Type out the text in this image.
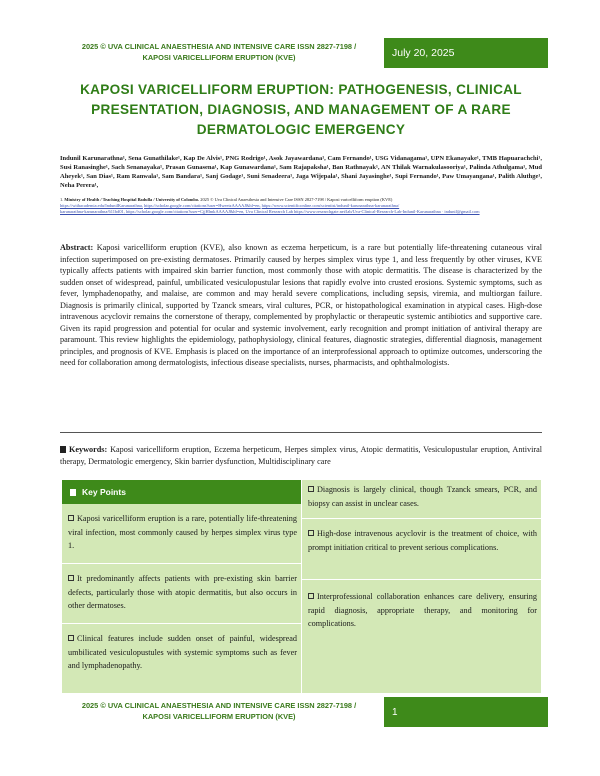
2025 © UVA CLINICAL ANAESTHESIA AND INTENSIVE CARE ISSN 2827-7198 /
KAPOSI VARICELLIFORM ERUPTION (KVE)	July 20, 2025
KAPOSI VARICELLIFORM ERUPTION: PATHOGENESIS, CLINICAL PRESENTATION, DIAGNOSIS, AND MANAGEMENT OF A RARE DERMATOLOGIC EMERGENCY
Indunil Karunarathna¹, Sena Gunathilake¹, Kap De Alvis¹, PNG Rodrigo¹, Asok Jayawardana¹, Cam Fernando¹, USG Vidanagama¹, UPN Ekanayake¹, TMB Hapuarachchi¹, Susi Ranasinghe¹, Sach Senanayaka¹, Prasan Gunasena¹, Kap Gunawardana¹, Sam Rajapaksha¹, Ban Rathnayak¹, AN Thilak Warnakulasooriya¹, Palinda Athulgama¹, Mud Aheyek¹, San Dias¹, Ram Ranwala¹, Sam Bandara¹, Sanj Godage¹, Suni Senadeera¹, Jaga Wijepala¹, Shani Jayasinghe¹, Supi Fernando¹, Paw Umayangana¹, Palith Aluthge¹, Neha Perera¹,
1. Ministry of Health / Teaching Hospital Badulla / University of Colombo. 2025 © Uva Clinical Anaesthesia and Intensive Care ISSN 2827-7198 / Kaposi varicelliform eruption (KVE)
https://withacademia.edu/IndunilKarunarathna, https://scholar.google.com/citations?user=HweetzAAAAJ&hl=en, https://www.scientificonline.com/scientist/indunil-karunarathna-karunarathna/
karunarathna-karunarathna/611bd01, https://scholar.google.com/citations?user=CjjHlmkAAAAJ&hl=en, Uva Clinical Research Lab https://www.researchgate.net/lab/Uva-Clinical-Research-Lab-Indunil-Karunarathna · indunil@gmail.com
Abstract: Kaposi varicelliform eruption (KVE), also known as eczema herpeticum, is a rare but potentially life-threatening cutaneous viral infection superimposed on pre-existing dermatoses. Primarily caused by herpes simplex virus type 1, and less frequently by other viruses, KVE typically affects patients with impaired skin barrier function, most commonly those with atopic dermatitis. The disease is characterized by the sudden onset of widespread, painful, umbilicated vesiculopustular lesions that rapidly evolve into crusted erosions. Systemic symptoms, such as fever, lymphadenopathy, and malaise, are common and may herald severe complications, including sepsis, viremia, and multiorgan failure. Diagnosis is primarily clinical, supported by Tzanck smears, viral cultures, PCR, or histopathological examination in atypical cases. High-dose intravenous acyclovir remains the cornerstone of therapy, complemented by prophylactic or therapeutic systemic antibiotics and supportive care. Given its rapid progression and potential for ocular and systemic involvement, early recognition and prompt initiation of antiviral therapy are paramount. This review highlights the epidemiology, pathophysiology, clinical features, diagnostic strategies, differential diagnosis, management principles, and prognosis of KVE. Emphasis is placed on the importance of an interprofessional approach to optimize outcomes, underscoring the need for collaboration among dermatologists, infectious disease specialists, nurses, pharmacists, and ophthalmologists.
Keywords: Kaposi varicelliform eruption, Eczema herpeticum, Herpes simplex virus, Atopic dermatitis, Vesiculopustular eruption, Antiviral therapy, Dermatologic emergency, Skin barrier dysfunction, Multidisciplinary care
Key Points
Kaposi varicelliform eruption is a rare, potentially life-threatening viral infection, most commonly caused by herpes simplex virus type 1.
It predominantly affects patients with pre-existing skin barrier defects, particularly those with atopic dermatitis, but also occurs in other dermatoses.
Clinical features include sudden onset of painful, widespread umbilicated vesiculopustules with systemic symptoms such as fever and lymphadenopathy.
Diagnosis is largely clinical, though Tzanck smears, PCR, and biopsy can assist in unclear cases.
High-dose intravenous acyclovir is the treatment of choice, with prompt initiation critical to prevent serious complications.
Interprofessional collaboration enhances care delivery, ensuring rapid diagnosis, appropriate therapy, and monitoring for complications.
2025 © UVA CLINICAL ANAESTHESIA AND INTENSIVE CARE ISSN 2827-7198 /
KAPOSI VARICELLIFORM ERUPTION (KVE)	1
